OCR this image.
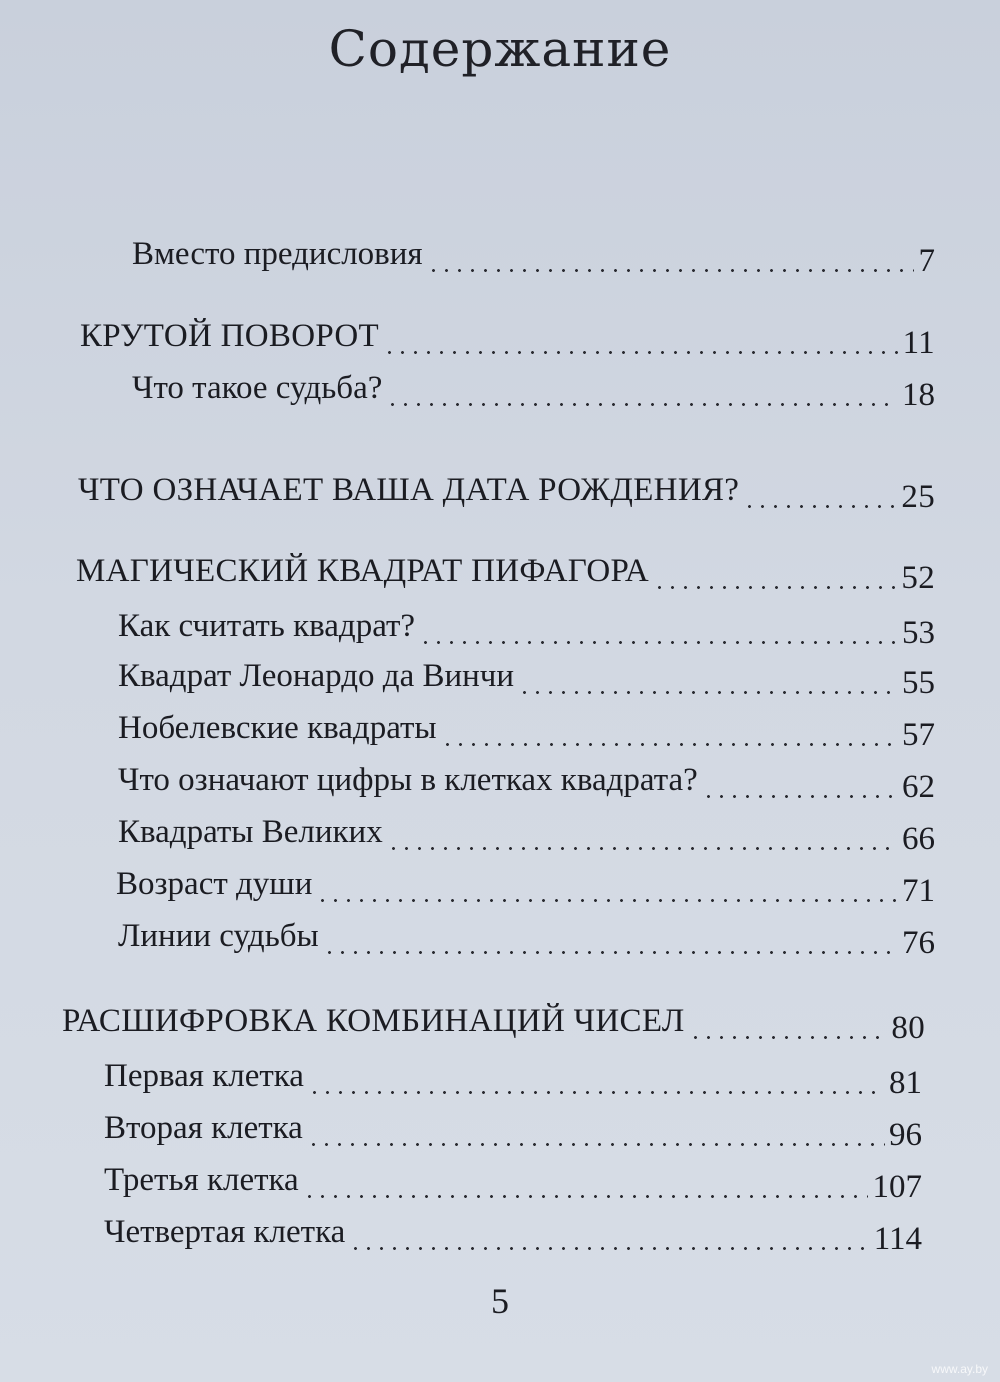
Содержание
Вместо предисловия	7
КРУТОЙ ПОВОРОТ	11
Что такое судьба?	18
ЧТО ОЗНАЧАЕТ ВАША ДАТА РОЖДЕНИЯ?	25
МАГИЧЕСКИЙ КВАДРАТ ПИФАГОРА	52
Как считать квадрат?	53
Квадрат Леонардо да Винчи	55
Нобелевские квадраты	57
Что означают цифры в клетках квадрата?	62
Квадраты Великих	66
Возраст души	71
Линии судьбы	76
РАСШИФРОВКА КОМБИНАЦИЙ ЧИСЕЛ	80
Первая клетка	81
Вторая клетка	96
Третья клетка	107
Четвертая клетка	114
5
www.ay.by
